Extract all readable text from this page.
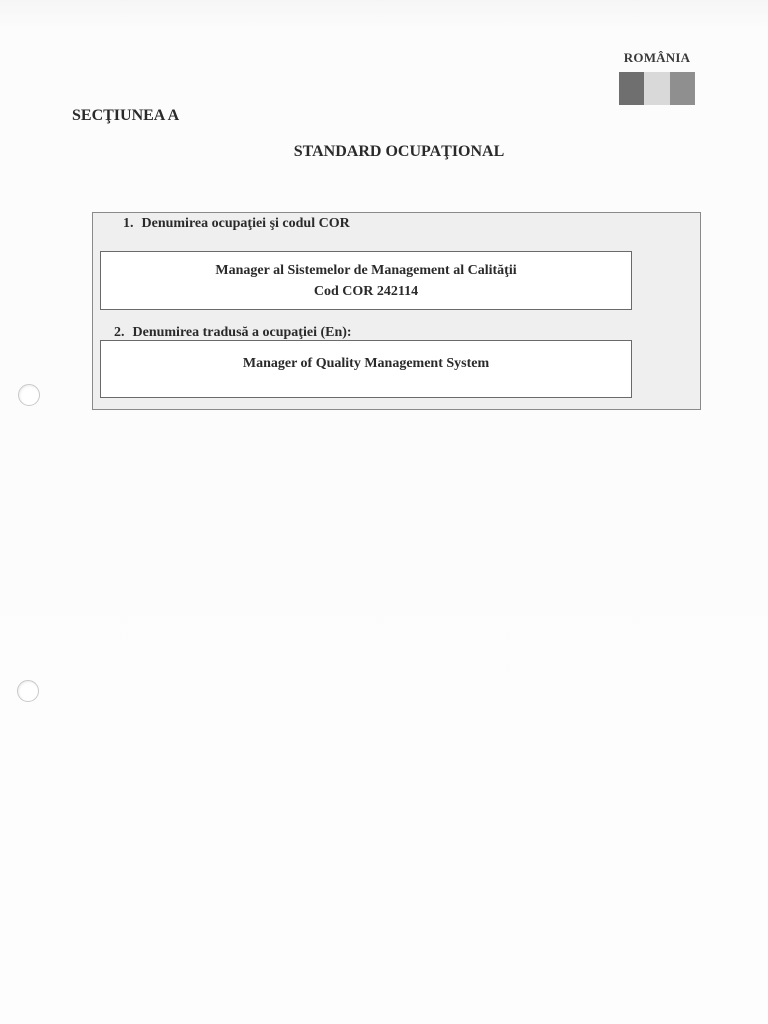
ROMÂNIA
SECŢIUNEA A
STANDARD OCUPAŢIONAL
1. Denumirea ocupaţiei şi codul COR
Manager al Sistemelor de Management al Calităţii
Cod COR 242114
2. Denumirea tradusă a ocupaţiei (En):
Manager of Quality Management System
